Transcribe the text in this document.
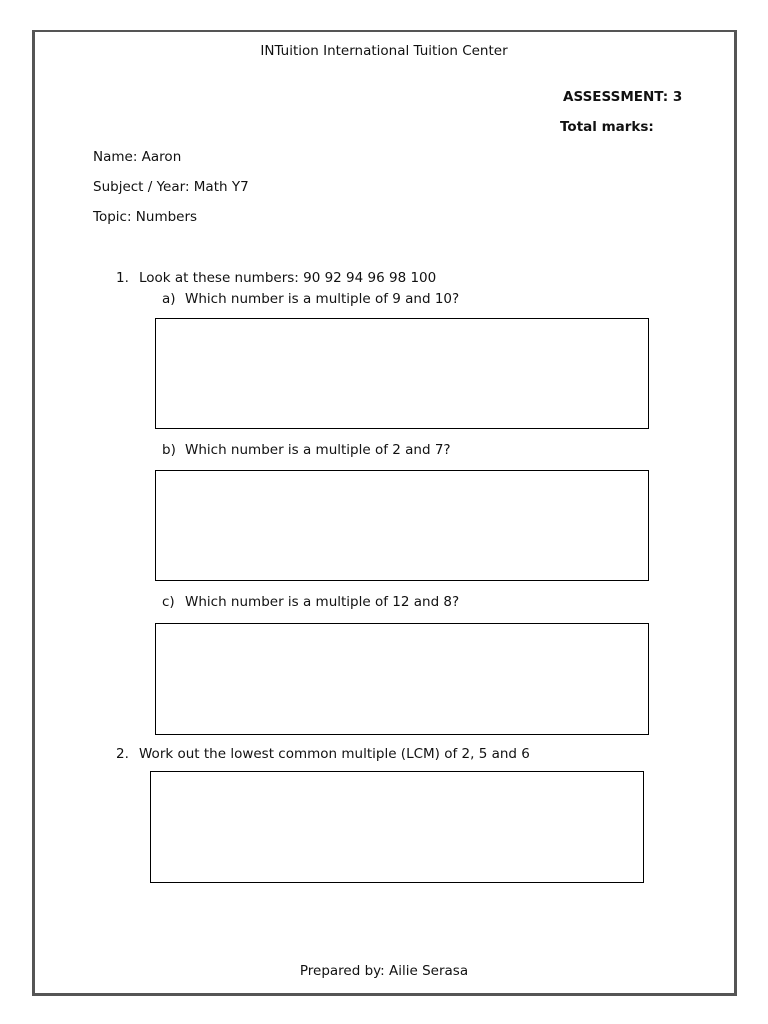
INTuition International Tuition Center
ASSESSMENT: 3
Total marks:
Name: Aaron
Subject / Year: Math Y7
Topic: Numbers
1. Look at these numbers: 90 92 94 96 98 100
a) Which number is a multiple of 9 and 10?
b) Which number is a multiple of 2 and 7?
c) Which number is a multiple of 12 and 8?
2. Work out the lowest common multiple (LCM) of 2, 5 and 6
Prepared by: Ailie Serasa
